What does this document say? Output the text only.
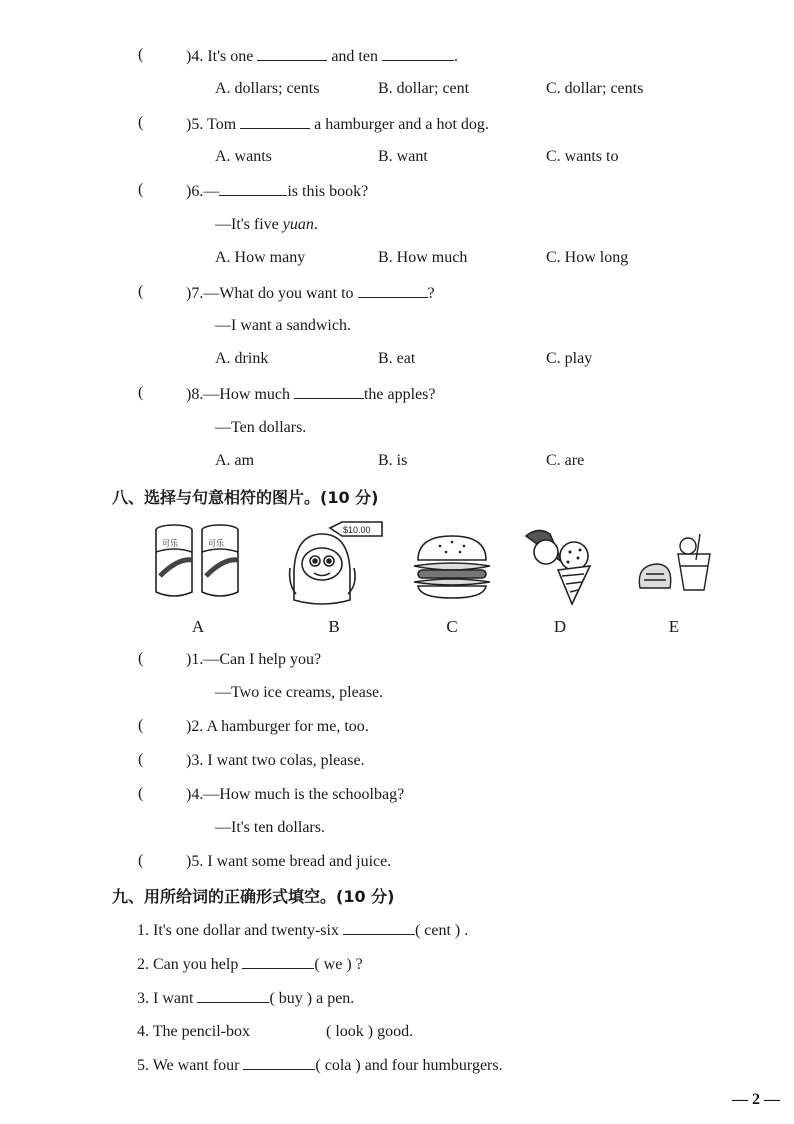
(	)4. It's one	and ten	.
A. dollars; cents	B. dollar; cent	C. dollar; cents
(	)5. Tom	a hamburger and a hot dog.
A. wants	B. want	C. wants to
(	)6.—	is this book?
—It's five yuan.
A. How many	B. How much	C. How long
(	)7.—What do you want to	?
—I want a sandwich.
A. drink	B. eat	C. play
(	)8.—How much	the apples?
—Ten dollars.
A. am	B. is	C. are
八、选择与句意相符的图片。(10 分)
可乐	可乐
$10.00
A	B	C	D	E
(	)1.—Can I help you?
—Two ice creams, please.
(	)2. A hamburger for me, too.
(	)3. I want two colas, please.
(	)4.—How much is the schoolbag?
—It's ten dollars.
(	)5. I want some bread and juice.
九、用所给词的正确形式填空。(10 分)
1. It's one dollar and twenty-six	( cent ) .
2. Can you help	( we ) ?
3. I want	( buy ) a pen.
4. The pencil-box	( look ) good.
5. We want four	( cola ) and four humburgers.
— 2 —
